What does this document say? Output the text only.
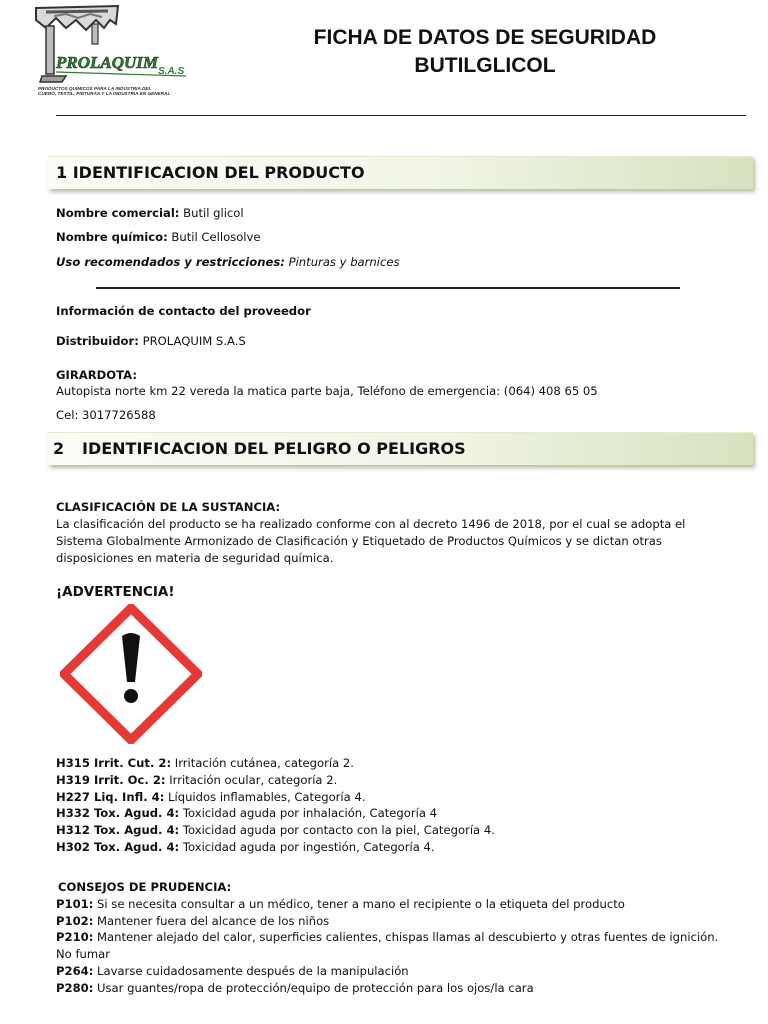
PROLAQUIM S.A.S
PRODUCTOS QUIMICOS PARA LA INDUSTRIA DEL
CUERO, TEXTIL, PINTURAS Y LA INDUSTRIA EN GENERAL
FICHA DE DATOS DE SEGURIDAD
BUTILGLICOL
1 IDENTIFICACION DEL PRODUCTO
Nombre comercial: Butil glicol
Nombre químico: Butil Cellosolve
Uso recomendados y restricciones: Pinturas y barnices
Información de contacto del proveedor
Distribuidor: PROLAQUIM S.A.S
GIRARDOTA:
Autopista norte km 22 vereda la matica parte baja, Teléfono de emergencia: (064) 408 65 05
Cel: 3017726588
2 IDENTIFICACION DEL PELIGRO O PELIGROS
CLASIFICACIÓN DE LA SUSTANCIA:
La clasificación del producto se ha realizado conforme con al decreto 1496 de 2018, por el cual se adopta el
Sistema Globalmente Armonizado de Clasificación y Etiquetado de Productos Químicos y se dictan otras
disposiciones en materia de seguridad química.
¡ADVERTENCIA!
H315 Irrit. Cut. 2: Irritación cutánea, categoría 2.
H319 Irrit. Oc. 2: Irritación ocular, categoría 2.
H227 Liq. Infl. 4: Líquidos inflamables, Categoría 4.
H332 Tox. Agud. 4: Toxicidad aguda por inhalación, Categoría 4
H312 Tox. Agud. 4: Toxicidad aguda por contacto con la piel, Categoría 4.
H302 Tox. Agud. 4: Toxicidad aguda por ingestión, Categoría 4.
CONSEJOS DE PRUDENCIA:
P101: Si se necesita consultar a un médico, tener a mano el recipiente o la etiqueta del producto
P102: Mantener fuera del alcance de los niños
P210: Mantener alejado del calor, superficies calientes, chispas llamas al descubierto y otras fuentes de ignición.
No fumar
P264: Lavarse cuidadosamente después de la manipulación
P280: Usar guantes/ropa de protección/equipo de protección para los ojos/la cara
